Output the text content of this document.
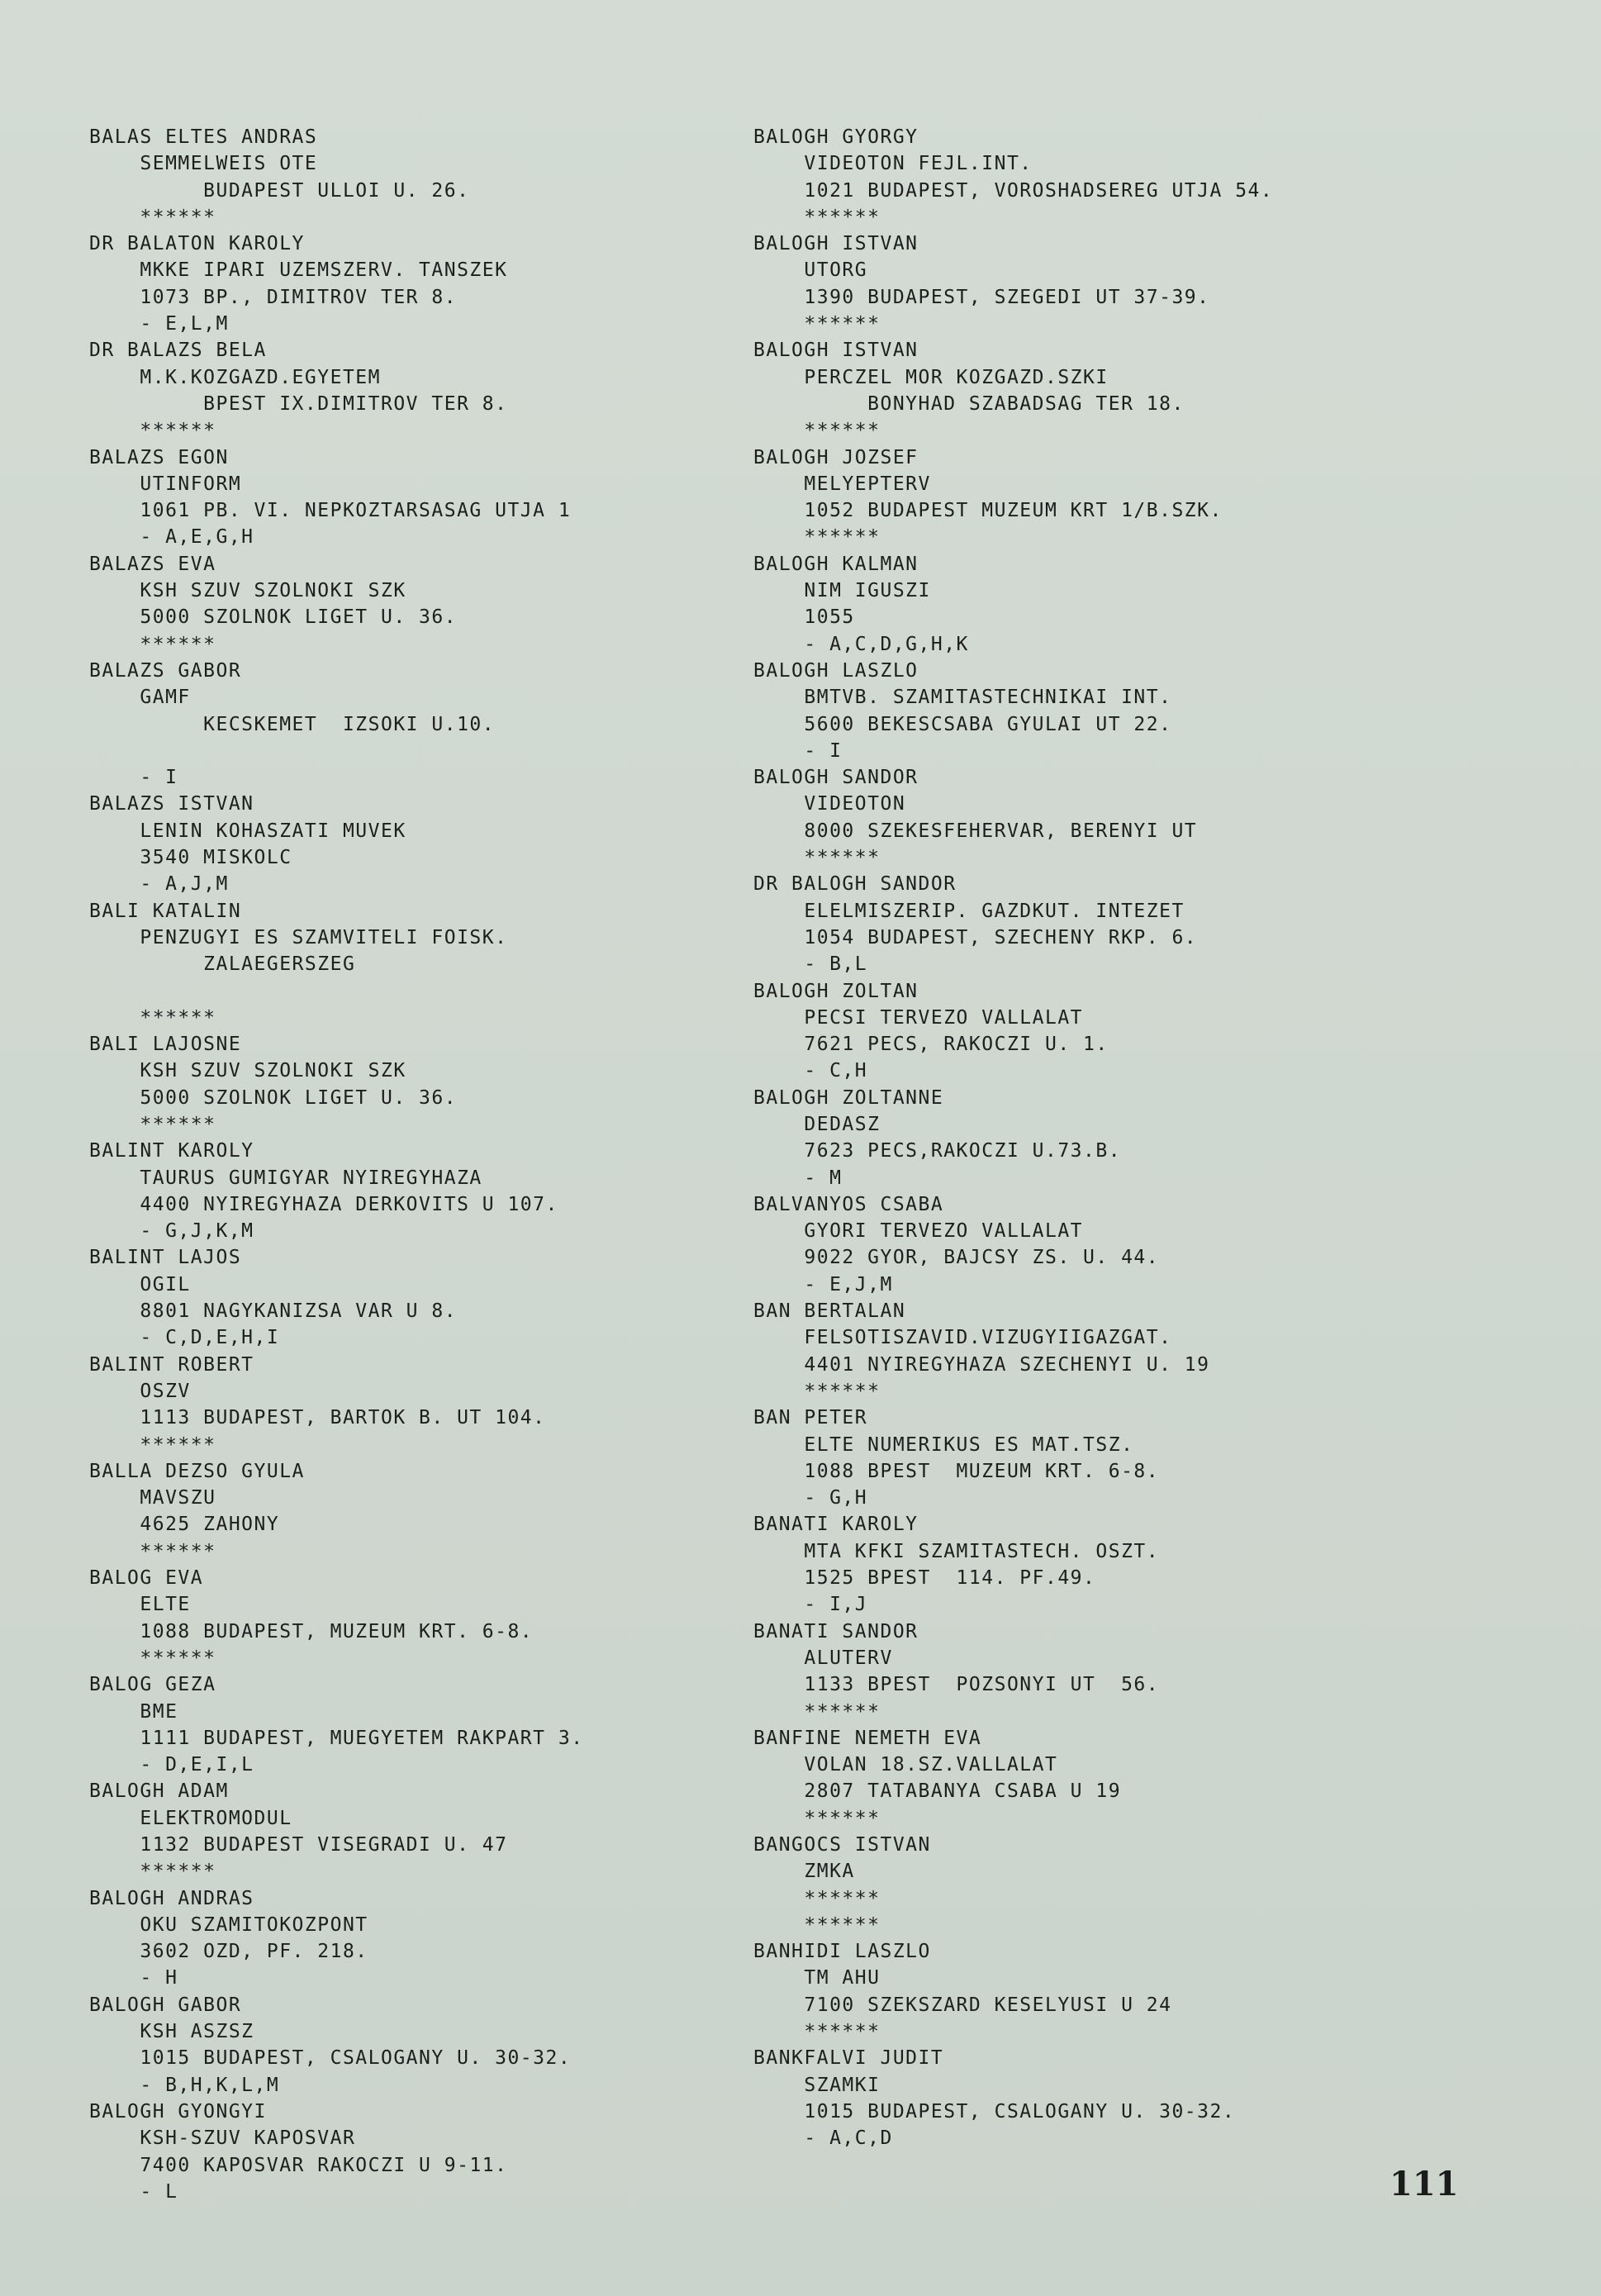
BALAS ELTES ANDRAS
SEMMELWEIS OTE
BUDAPEST ULLOI U. 26.
******
DR BALATON KAROLY
MKKE IPARI UZEMSZERV. TANSZEK
1073 BP., DIMITROV TER 8.
- E,L,M
DR BALAZS BELA
M.K.KOZGAZD.EGYETEM
BPEST IX.DIMITROV TER 8.
******
BALAZS EGON
UTINFORM
1061 PB. VI. NEPKOZTARSASAG UTJA 1
- A,E,G,H
BALAZS EVA
KSH SZUV SZOLNOKI SZK
5000 SZOLNOK LIGET U. 36.
******
BALAZS GABOR
GAMF
KECSKEMET  IZSOKI U.10.
- I
BALAZS ISTVAN
LENIN KOHASZATI MUVEK
3540 MISKOLC
- A,J,M
BALI KATALIN
PENZUGYI ES SZAMVITELI FOISK.
ZALAEGERSZEG
******
BALI LAJOSNE
KSH SZUV SZOLNOKI SZK
5000 SZOLNOK LIGET U. 36.
******
BALINT KAROLY
TAURUS GUMIGYAR NYIREGYHAZA
4400 NYIREGYHAZA DERKOVITS U 107.
- G,J,K,M
BALINT LAJOS
OGIL
8801 NAGYKANIZSA VAR U 8.
- C,D,E,H,I
BALINT ROBERT
OSZV
1113 BUDAPEST, BARTOK B. UT 104.
******
BALLA DEZSO GYULA
MAVSZU
4625 ZAHONY
******
BALOG EVA
ELTE
1088 BUDAPEST, MUZEUM KRT. 6-8.
******
BALOG GEZA
BME
1111 BUDAPEST, MUEGYETEM RAKPART 3.
- D,E,I,L
BALOGH ADAM
ELEKTROMODUL
1132 BUDAPEST VISEGRADI U. 47
******
BALOGH ANDRAS
OKU SZAMITOKOZPONT
3602 OZD, PF. 218.
- H
BALOGH GABOR
KSH ASZSZ
1015 BUDAPEST, CSALOGANY U. 30-32.
- B,H,K,L,M
BALOGH GYONGYI
KSH-SZUV KAPOSVAR
7400 KAPOSVAR RAKOCZI U 9-11.
- L
BALOGH GYORGY
VIDEOTON FEJL.INT.
1021 BUDAPEST, VOROSHADSEREG UTJA 54.
******
BALOGH ISTVAN
UTORG
1390 BUDAPEST, SZEGEDI UT 37-39.
******
BALOGH ISTVAN
PERCZEL MOR KOZGAZD.SZKI
BONYHAD SZABADSAG TER 18.
******
BALOGH JOZSEF
MELYEPTERV
1052 BUDAPEST MUZEUM KRT 1/B.SZK.
******
BALOGH KALMAN
NIM IGUSZI
1055
- A,C,D,G,H,K
BALOGH LASZLO
BMTVB. SZAMITASTECHNIKAI INT.
5600 BEKESCSABA GYULAI UT 22.
- I
BALOGH SANDOR
VIDEOTON
8000 SZEKESFEHERVAR, BERENYI UT
******
DR BALOGH SANDOR
ELELMISZERIP. GAZDKUT. INTEZET
1054 BUDAPEST, SZECHENY RKP. 6.
- B,L
BALOGH ZOLTAN
PECSI TERVEZO VALLALAT
7621 PECS, RAKOCZI U. 1.
- C,H
BALOGH ZOLTANNE
DEDASZ
7623 PECS,RAKOCZI U.73.B.
- M
BALVANYOS CSABA
GYORI TERVEZO VALLALAT
9022 GYOR, BAJCSY ZS. U. 44.
- E,J,M
BAN BERTALAN
FELSOTISZAVID.VIZUGYIIGAZGAT.
4401 NYIREGYHAZA SZECHENYI U. 19
******
BAN PETER
ELTE NUMERIKUS ES MAT.TSZ.
1088 BPEST  MUZEUM KRT. 6-8.
- G,H
BANATI KAROLY
MTA KFKI SZAMITASTECH. OSZT.
1525 BPEST  114. PF.49.
- I,J
BANATI SANDOR
ALUTERV
1133 BPEST  POZSONYI UT  56.
******
BANFINE NEMETH EVA
VOLAN 18.SZ.VALLALAT
2807 TATABANYA CSABA U 19
******
BANGOCS ISTVAN
ZMKA
******
******
BANHIDI LASZLO
TM AHU
7100 SZEKSZARD KESELYUSI U 24
******
BANKFALVI JUDIT
SZAMKI
1015 BUDAPEST, CSALOGANY U. 30-32.
- A,C,D
111
